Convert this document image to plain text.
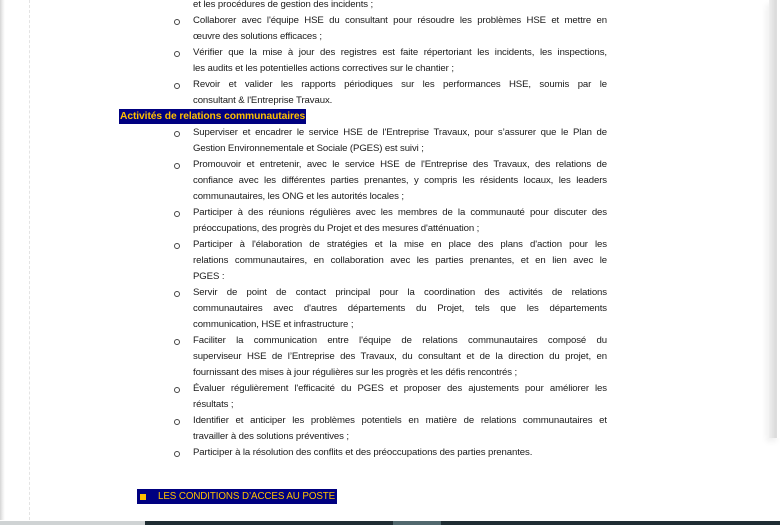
et les procédures de gestion des incidents ;
Activités de relations communautaires
LES CONDITIONS D’ACCES AU POSTE
Collaborer avec l'équipe HSE du consultant pour résoudre les problèmes HSE et mettre en
œuvre des solutions efficaces ;
Vérifier que la mise à jour des registres est faite répertoriant les incidents, les inspections,
les audits et les potentielles actions correctives sur le chantier ;
Revoir et valider les rapports périodiques sur les performances HSE, soumis par le
consultant & l'Entreprise Travaux.
Superviser et encadrer le service HSE de l'Entreprise Travaux, pour s’assurer que le Plan de
Gestion Environnementale et Sociale (PGES) est suivi ;
Promouvoir et entretenir, avec le service HSE de l'Entreprise des Travaux, des relations de
confiance avec les différentes parties prenantes, y compris les résidents locaux, les leaders
communautaires, les ONG et les autorités locales ;
Participer à des réunions régulières avec les membres de la communauté pour discuter des
préoccupations, des progrès du Projet et des mesures d'atténuation ;
Participer à l'élaboration de stratégies et la mise en place des plans d'action pour les
relations communautaires, en collaboration avec les parties prenantes, et en lien avec le
PGES :
Servir de point de contact principal pour la coordination des activités de relations
communautaires avec d'autres départements du Projet, tels que les départements
communication, HSE et infrastructure ;
Faciliter la communication entre l'équipe de relations communautaires composé du
superviseur HSE de l’Entreprise des Travaux, du consultant et de la direction du projet, en
fournissant des mises à jour régulières sur les progrès et les défis rencontrés ;
Évaluer régulièrement l'efficacité du PGES et proposer des ajustements pour améliorer les
résultats ;
Identifier et anticiper les problèmes potentiels en matière de relations communautaires et
travailler à des solutions préventives ;
Participer à la résolution des conflits et des préoccupations des parties prenantes.
